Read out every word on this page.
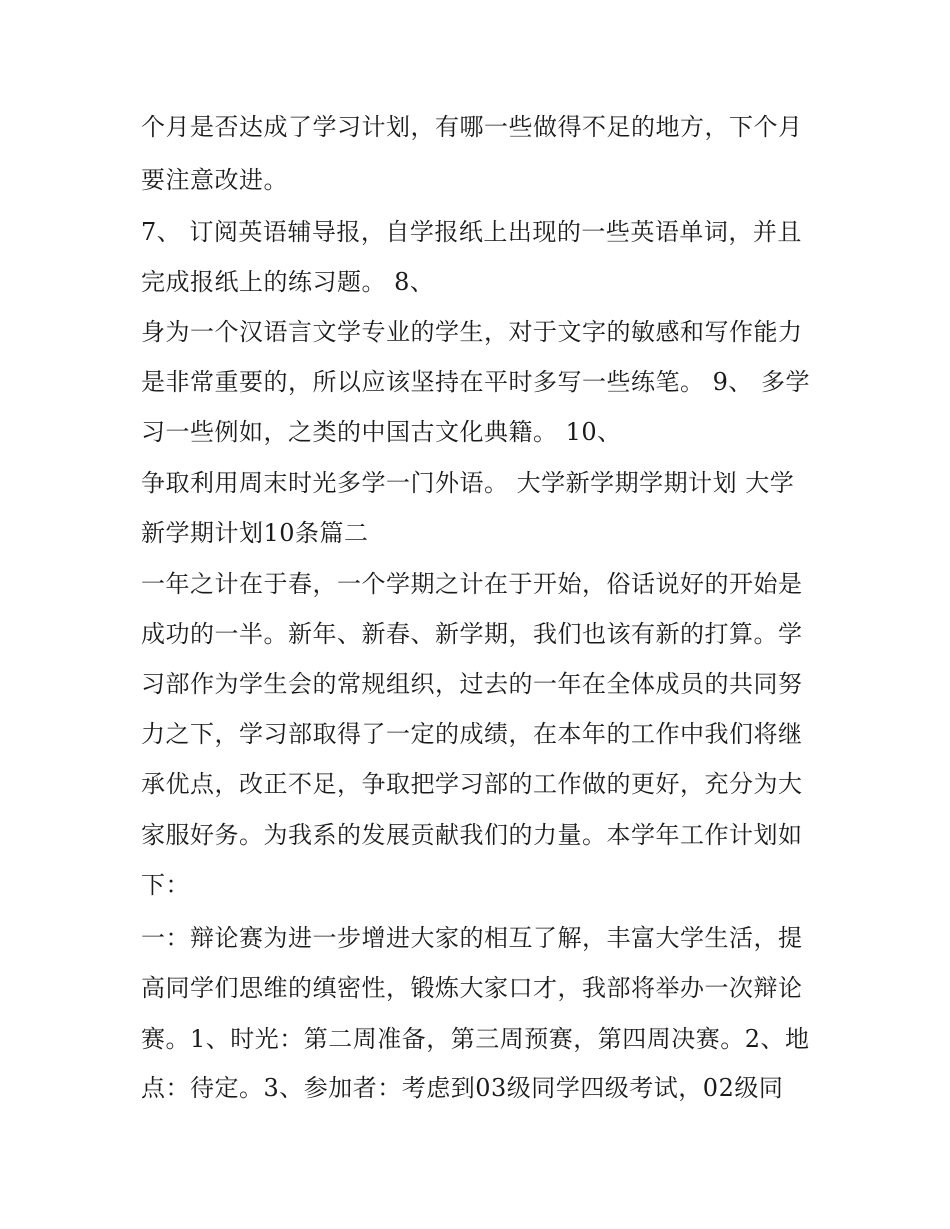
个月是否达成了学习计划，有哪一些做得不足的地方，下个月
要注意改进。
7、 订阅英语辅导报，自学报纸上出现的一些英语单词，并且
完成报纸上的练习题。 8、
身为一个汉语言文学专业的学生，对于文字的敏感和写作能力
是非常重要的，所以应该坚持在平时多写一些练笔。 9、 多学
习一些例如，之类的中国古文化典籍。 10、
争取利用周末时光多学一门外语。 大学新学期学期计划 大学
新学期计划10条篇二
一年之计在于春，一个学期之计在于开始，俗话说好的开始是
成功的一半。新年、新春、新学期，我们也该有新的打算。学
习部作为学生会的常规组织，过去的一年在全体成员的共同努
力之下，学习部取得了一定的成绩，在本年的工作中我们将继
承优点，改正不足，争取把学习部的工作做的更好，充分为大
家服好务。为我系的发展贡献我们的力量。本学年工作计划如
下：
一：辩论赛为进一步增进大家的相互了解，丰富大学生活，提
高同学们思维的缜密性，锻炼大家口才，我部将举办一次辩论
赛。1、时光：第二周准备，第三周预赛，第四周决赛。2、地
点：待定。3、参加者：考虑到03级同学四级考试，02级同
